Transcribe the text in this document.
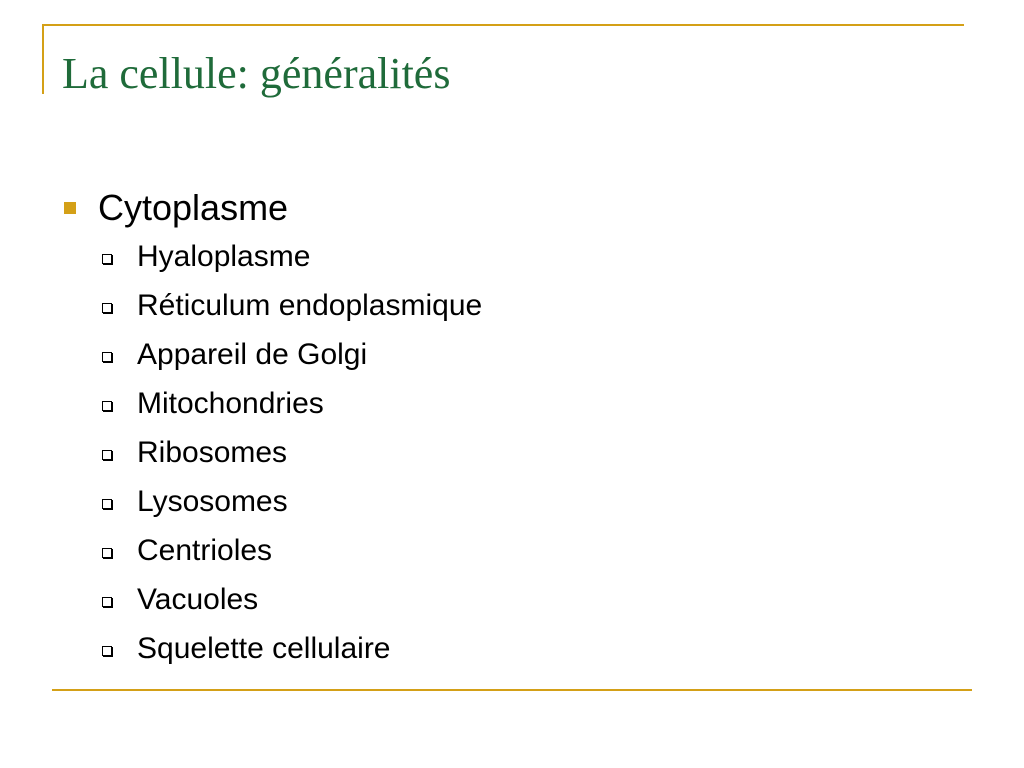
La cellule: généralités
Cytoplasme
Hyaloplasme
Réticulum endoplasmique
Appareil de Golgi
Mitochondries
Ribosomes
Lysosomes
Centrioles
Vacuoles
Squelette cellulaire
